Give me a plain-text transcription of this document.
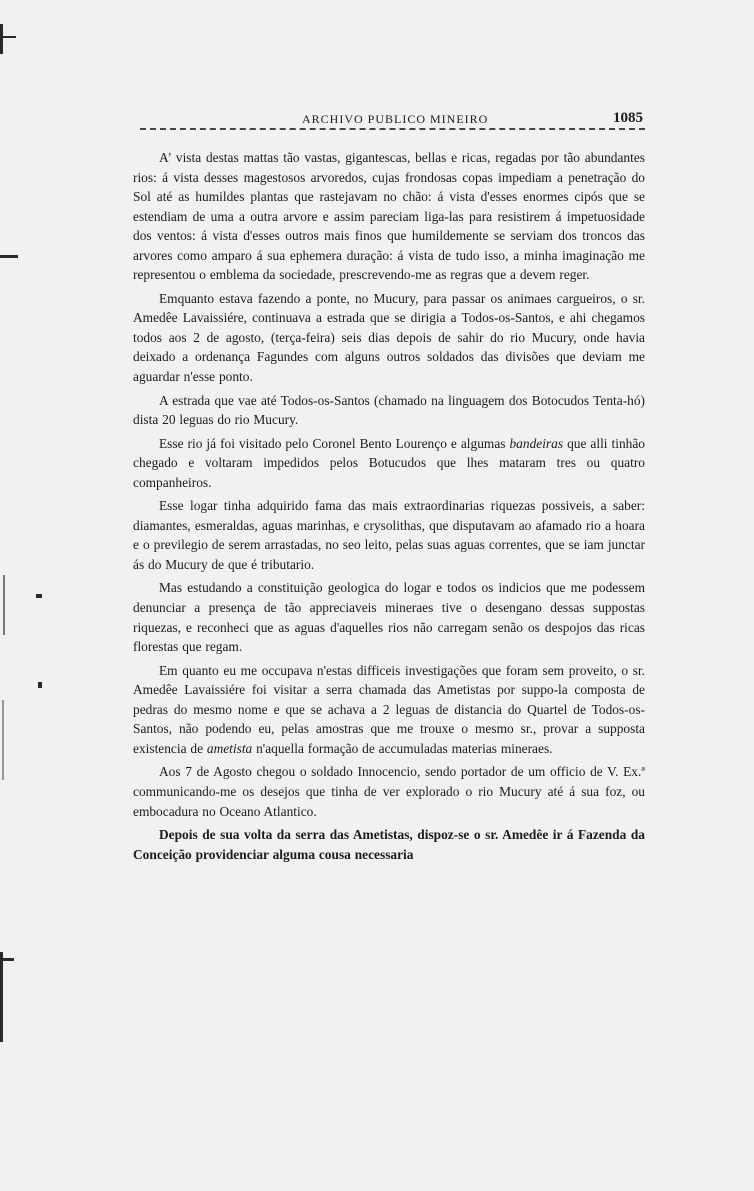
ARCHIVO PUBLICO MINEIRO	1085

A' vista destas mattas tão vastas, gigantescas, bellas e ricas, regadas por tão abundantes rios: á vista desses magestosos arvoredos, cujas frondosas copas impediam a penetração do Sol até as humildes plantas que rastejavam no chão: á vista d'esses enormes cipós que se estendiam de uma a outra arvore e assim pareciam liga-las para resistirem á impetuosidade dos ventos: á vista d'esses outros mais finos que humildemente se serviam dos troncos das arvores como amparo á sua ephemera duração: á vista de tudo isso, a minha imaginação me representou o emblema da sociedade, prescrevendo-me as regras que a devem reger.

Emquanto estava fazendo a ponte, no Mucury, para passar os animaes cargueiros, o sr. Amedêe Lavaissiére, continuava a estrada que se dirigia a Todos-os-Santos, e ahi chegamos todos aos 2 de agosto, (terça-feira) seis dias depois de sahir do rio Mucury, onde havia deixado a ordenança Fagundes com alguns outros soldados das divisões que deviam me aguardar n'esse ponto.

A estrada que vae até Todos-os-Santos (chamado na linguagem dos Botocudos Tenta-hó) dista 20 leguas do rio Mucury.

Esse rio já foi visitado pelo Coronel Bento Lourenço e algumas bandeiras que alli tinhão chegado e voltaram impedidos pelos Botucudos que lhes mataram tres ou quatro companheiros.

Esse logar tinha adquirido fama das mais extraordinarias riquezas possiveis, a saber: diamantes, esmeraldas, aguas marinhas, e crysolithas, que disputavam ao afamado rio a hoara e o previlegio de serem arrastadas, no seo leito, pelas suas aguas correntes, que se iam junctar ás do Mucury de que é tributario.

Mas estudando a constituição geologica do logar e todos os indicios que me podessem denunciar a presença de tão appreciaveis mineraes tive o desengano dessas suppostas riquezas, e reconheci que as aguas d'aquelles rios não carregam senão os despojos das ricas florestas que regam.

Em quanto eu me occupava n'estas difficeis investigações que foram sem proveito, o sr. Amedêe Lavaissiére foi visitar a serra chamada das Ametistas por suppo-la composta de pedras do mesmo nome e que se achava a 2 leguas de distancia do Quartel de Todos-os-Santos, não podendo eu, pelas amostras que me trouxe o mesmo sr., provar a supposta existencia de ametista n'aquella formação de accumuladas materias mineraes.

Aos 7 de Agosto chegou o soldado Innocencio, sendo portador de um officio de V. Ex.ª communicando-me os desejos que tinha de ver explorado o rio Mucury até á sua foz, ou embocadura no Oceano Atlantico.

Depois de sua volta da serra das Ametistas, dispoz-se o sr. Amedêe ir á Fazenda da Conceição providenciar alguma cousa necessaria
